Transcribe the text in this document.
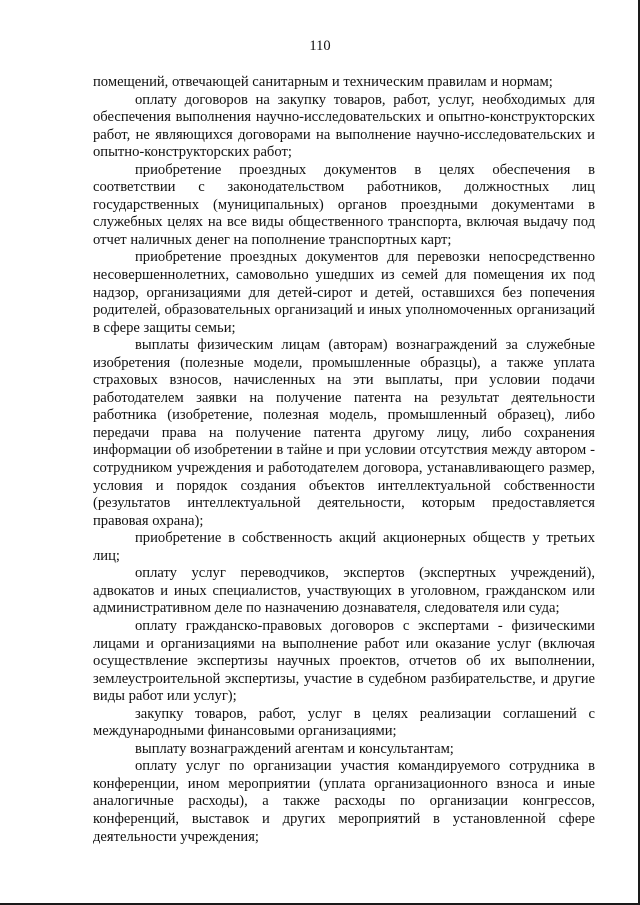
110

помещений, отвечающей санитарным и техническим правилам и нормам;

оплату договоров на закупку товаров, работ, услуг, необходимых для обеспечения выполнения научно-исследовательских и опытно-конструкторских работ, не являющихся договорами на выполнение научно-исследовательских и опытно-конструкторских работ;

приобретение проездных документов в целях обеспечения в соответствии с законодательством работников, должностных лиц государственных (муниципальных) органов проездными документами в служебных целях на все виды общественного транспорта, включая выдачу под отчет наличных денег на пополнение транспортных карт;

приобретение проездных документов для перевозки непосредственно несовершеннолетних, самовольно ушедших из семей для помещения их под надзор, организациями для детей-сирот и детей, оставшихся без попечения родителей, образовательных организаций и иных уполномоченных организаций в сфере защиты семьи;

выплаты физическим лицам (авторам) вознаграждений за служебные изобретения (полезные модели, промышленные образцы), а также уплата страховых взносов, начисленных на эти выплаты, при условии подачи работодателем заявки на получение патента на результат деятельности работника (изобретение, полезная модель, промышленный образец), либо передачи права на получение патента другому лицу, либо сохранения информации об изобретении в тайне и при условии отсутствия между автором - сотрудником учреждения и работодателем договора, устанавливающего размер, условия и порядок создания объектов интеллектуальной собственности (результатов интеллектуальной деятельности, которым предоставляется правовая охрана);

приобретение в собственность акций акционерных обществ у третьих лиц;

оплату услуг переводчиков, экспертов (экспертных учреждений), адвокатов и иных специалистов, участвующих в уголовном, гражданском или административном деле по назначению дознавателя, следователя или суда;

оплату гражданско-правовых договоров с экспертами - физическими лицами и организациями на выполнение работ или оказание услуг (включая осуществление экспертизы научных проектов, отчетов об их выполнении, землеустроительной экспертизы, участие в судебном разбирательстве, и другие виды работ или услуг);

закупку товаров, работ, услуг в целях реализации соглашений с международными финансовыми организациями;

выплату вознаграждений агентам и консультантам;

оплату услуг по организации участия командируемого сотрудника в конференции, ином мероприятии (уплата организационного взноса и иные аналогичные расходы), а также расходы по организации конгрессов, конференций, выставок и других мероприятий в установленной сфере деятельности учреждения;
